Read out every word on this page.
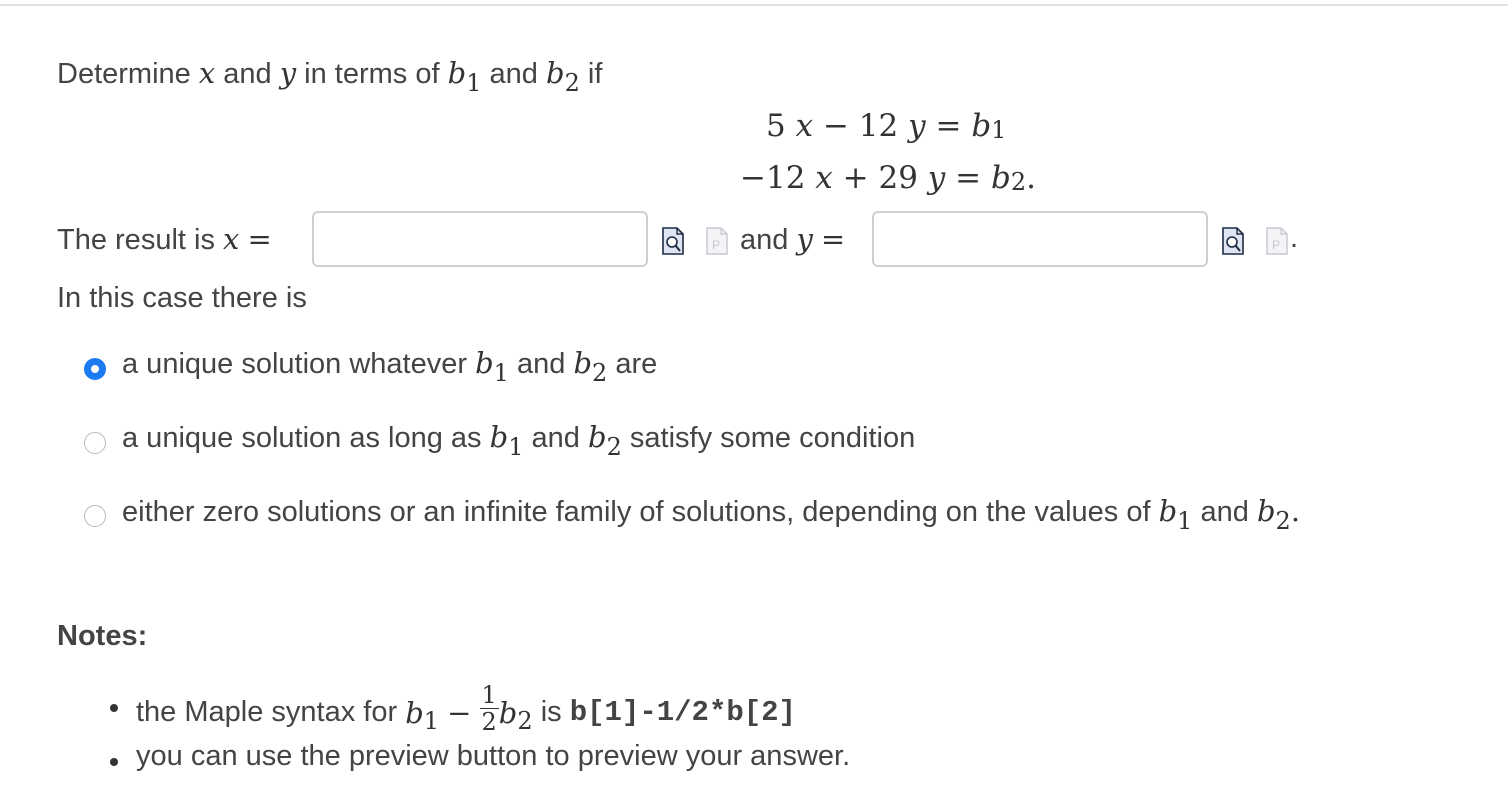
Determine x and y in terms of $b_1$ and $b_2$ if
5
x
−
12
y
=
b 1
−12
x
+
29
y
=
b 2 .
The result is x =	P and y =	P .
In this case there is
a unique solution whatever $b_1$ and $b_2$ are
a unique solution as long as $b_1$ and $b_2$ satisfy some condition
either zero solutions or an infinite family of solutions, depending on the values of $b_1$ and $b_2$.
Notes:
the Maple syntax for
b 1
−
$\frac{1}{2}$ b 2
is
b[1]-1/2*b[2]
you can use the preview button to preview your answer.
